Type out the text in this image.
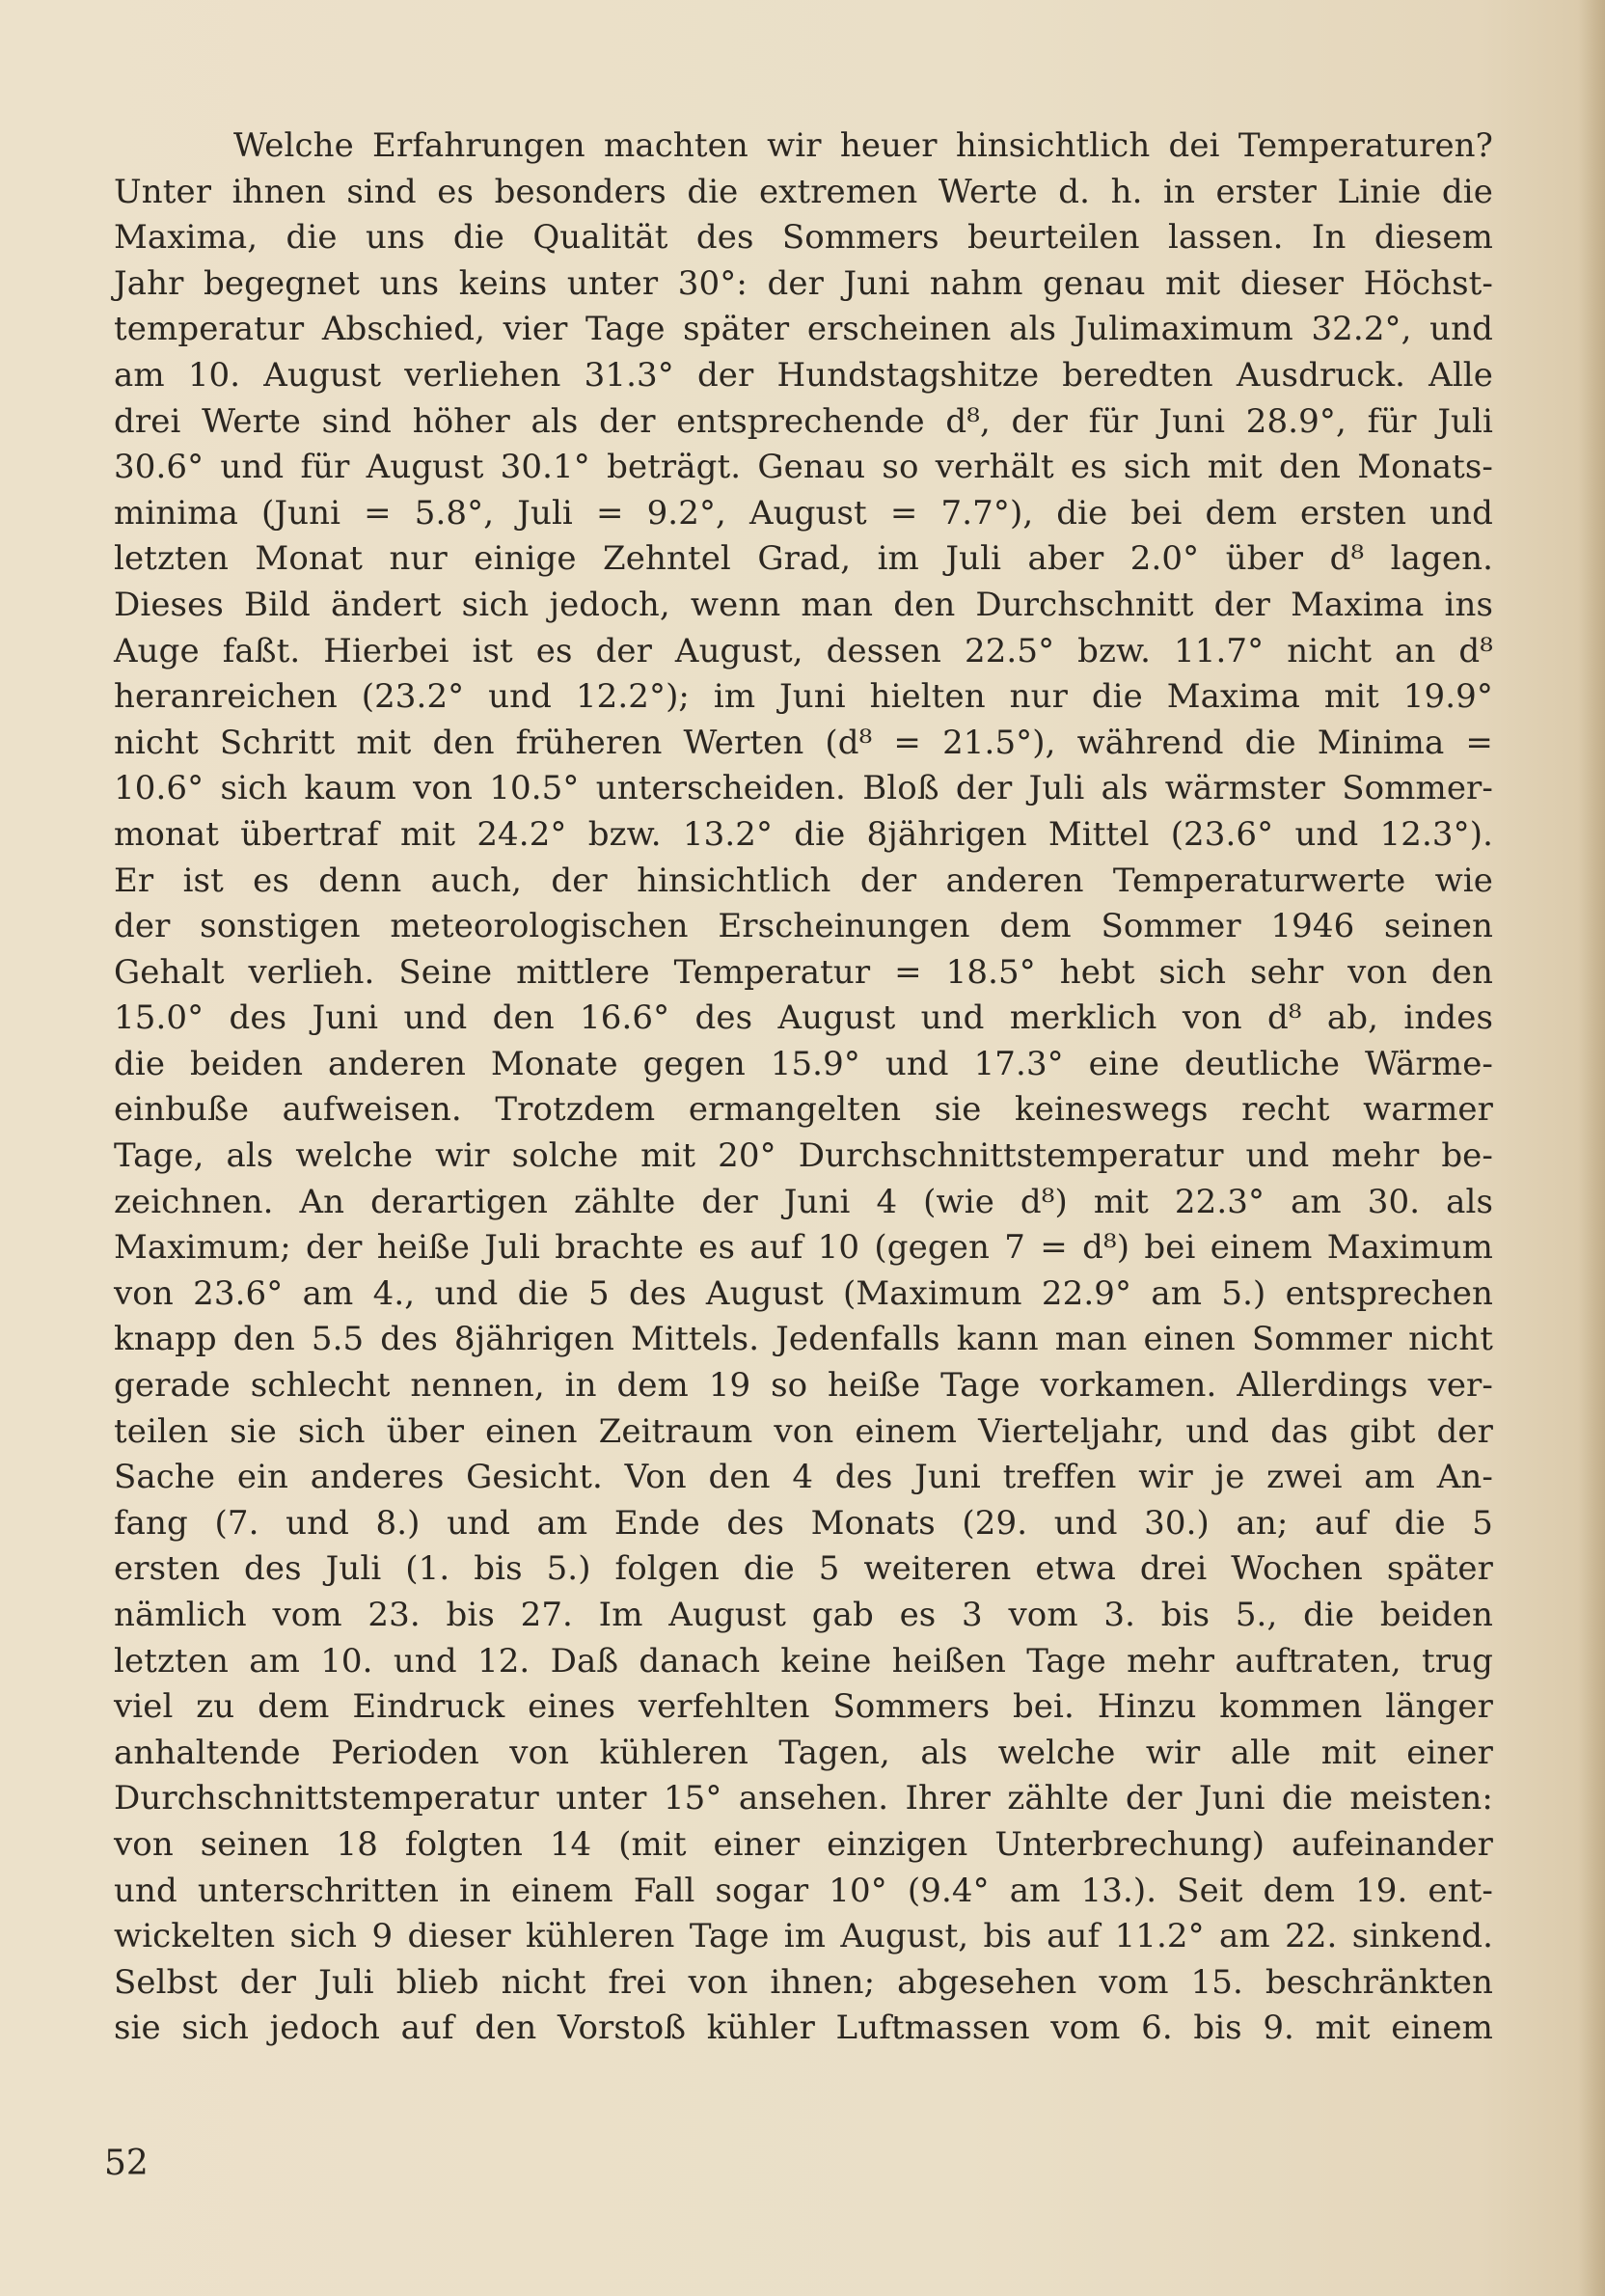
Welche Erfahrungen machten wir heuer hinsichtlich dei Temperaturen?
Unter ihnen sind es besonders die extremen Werte d. h. in erster Linie die
Maxima, die uns die Qualität des Sommers beurteilen lassen. In diesem
Jahr begegnet uns keins unter 30°: der Juni nahm genau mit dieser Höchst-
temperatur Abschied, vier Tage später erscheinen als Julimaximum 32.2°, und
am 10. August verliehen 31.3° der Hundstagshitze beredten Ausdruck. Alle
drei Werte sind höher als der entsprechende d⁸, der für Juni 28.9°, für Juli
30.6° und für August 30.1° beträgt. Genau so verhält es sich mit den Monats-
minima (Juni = 5.8°, Juli = 9.2°, August = 7.7°), die bei dem ersten und
letzten Monat nur einige Zehntel Grad, im Juli aber 2.0° über d⁸ lagen.
Dieses Bild ändert sich jedoch, wenn man den Durchschnitt der Maxima ins
Auge faßt. Hierbei ist es der August, dessen 22.5° bzw. 11.7° nicht an d⁸
heranreichen (23.2° und 12.2°); im Juni hielten nur die Maxima mit 19.9°
nicht Schritt mit den früheren Werten (d⁸ = 21.5°), während die Minima =
10.6° sich kaum von 10.5° unterscheiden. Bloß der Juli als wärmster Sommer-
monat übertraf mit 24.2° bzw. 13.2° die 8jährigen Mittel (23.6° und 12.3°).
Er ist es denn auch, der hinsichtlich der anderen Temperaturwerte wie
der sonstigen meteorologischen Erscheinungen dem Sommer 1946 seinen
Gehalt verlieh. Seine mittlere Temperatur = 18.5° hebt sich sehr von den
15.0° des Juni und den 16.6° des August und merklich von d⁸ ab, indes
die beiden anderen Monate gegen 15.9° und 17.3° eine deutliche Wärme-
einbuße aufweisen. Trotzdem ermangelten sie keineswegs recht warmer
Tage, als welche wir solche mit 20° Durchschnittstemperatur und mehr be-
zeichnen. An derartigen zählte der Juni 4 (wie d⁸) mit 22.3° am 30. als
Maximum; der heiße Juli brachte es auf 10 (gegen 7 = d⁸) bei einem Maximum
von 23.6° am 4., und die 5 des August (Maximum 22.9° am 5.) entsprechen
knapp den 5.5 des 8jährigen Mittels. Jedenfalls kann man einen Sommer nicht
gerade schlecht nennen, in dem 19 so heiße Tage vorkamen. Allerdings ver-
teilen sie sich über einen Zeitraum von einem Vierteljahr, und das gibt der
Sache ein anderes Gesicht. Von den 4 des Juni treffen wir je zwei am An-
fang (7. und 8.) und am Ende des Monats (29. und 30.) an; auf die 5
ersten des Juli (1. bis 5.) folgen die 5 weiteren etwa drei Wochen später
nämlich vom 23. bis 27. Im August gab es 3 vom 3. bis 5., die beiden
letzten am 10. und 12. Daß danach keine heißen Tage mehr auftraten, trug
viel zu dem Eindruck eines verfehlten Sommers bei. Hinzu kommen länger
anhaltende Perioden von kühleren Tagen, als welche wir alle mit einer
Durchschnittstemperatur unter 15° ansehen. Ihrer zählte der Juni die meisten:
von seinen 18 folgten 14 (mit einer einzigen Unterbrechung) aufeinander
und unterschritten in einem Fall sogar 10° (9.4° am 13.). Seit dem 19. ent-
wickelten sich 9 dieser kühleren Tage im August, bis auf 11.2° am 22. sinkend.
Selbst der Juli blieb nicht frei von ihnen; abgesehen vom 15. beschränkten
sie sich jedoch auf den Vorstoß kühler Luftmassen vom 6. bis 9. mit einem
52
